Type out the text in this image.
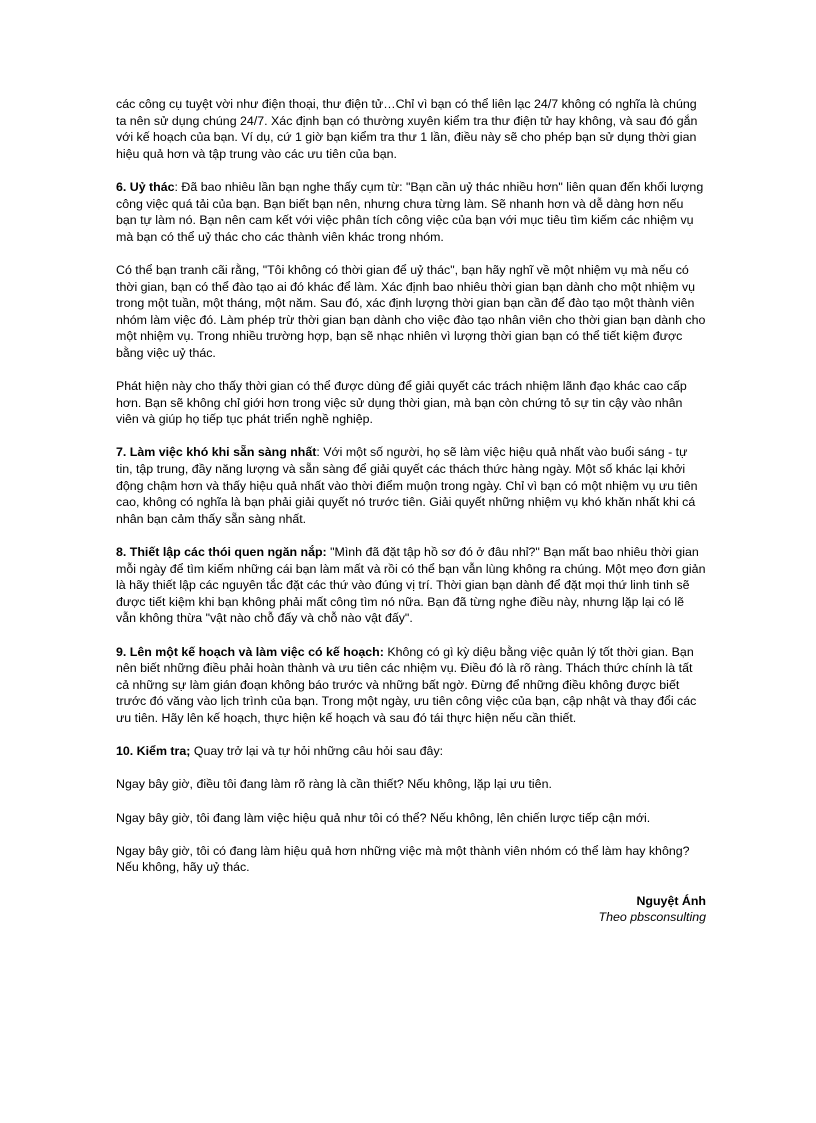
các công cụ tuyệt vời như điện thoại, thư điện tử…Chỉ vì bạn có thể liên lạc 24/7 không có nghĩa là chúng ta nên sử dụng chúng 24/7. Xác định bạn có thường xuyên kiểm tra thư điện tử hay không, và sau đó gắn với kế hoạch của bạn. Ví dụ, cứ 1 giờ bạn kiểm tra thư 1 lần, điều này sẽ cho phép bạn sử dụng thời gian hiệu quả hơn và tập trung vào các ưu tiên của bạn.

6. Uỷ thác: Đã bao nhiêu lần bạn nghe thấy cụm từ: "Bạn cần uỷ thác nhiều hơn" liên quan đến khối lượng công việc quá tải của bạn. Bạn biết bạn nên, nhưng chưa từng làm. Sẽ nhanh hơn và dễ dàng hơn nếu bạn tự làm nó. Bạn nên cam kết với việc phân tích công việc của bạn với mục tiêu tìm kiếm các nhiệm vụ mà bạn có thể uỷ thác cho các thành viên khác trong nhóm.

Có thể bạn tranh cãi rằng, "Tôi không có thời gian để uỷ thác", bạn hãy nghĩ về một nhiệm vụ mà nếu có thời gian, bạn có thể đào tạo ai đó khác để làm. Xác định bao nhiêu thời gian bạn dành cho một nhiệm vụ trong một tuần, một tháng, một năm. Sau đó, xác định lượng thời gian bạn cần để đào tạo một thành viên nhóm làm việc đó. Làm phép trừ thời gian bạn dành cho việc đào tạo nhân viên cho thời gian bạn dành cho một nhiệm vụ. Trong nhiều trường hợp, bạn sẽ nhạc nhiên vì lượng thời gian bạn có thể tiết kiệm được bằng việc uỷ thác.

Phát hiện này cho thấy thời gian có thể được dùng để giải quyết các trách nhiệm lãnh đạo khác cao cấp hơn. Bạn sẽ không chỉ giới hơn trong việc sử dụng thời gian, mà bạn còn chứng tỏ sự tin cậy vào nhân viên và giúp họ tiếp tục phát triển nghề nghiệp.

7. Làm việc khó khi sẵn sàng nhất: Với một số người, họ sẽ làm việc hiệu quả nhất vào buổi sáng - tự tin, tập trung, đầy năng lượng và sẵn sàng để giải quyết các thách thức hàng ngày. Một số khác lại khởi động chậm hơn và thấy hiệu quả nhất vào thời điểm muộn trong ngày. Chỉ vì bạn có một nhiệm vụ ưu tiên cao, không có nghĩa là bạn phải giải quyết nó trước tiên. Giải quyết những nhiệm vụ khó khăn nhất khi cá nhân bạn cảm thấy sẵn sàng nhất.

8. Thiết lập các thói quen ngăn nắp: "Mình đã đặt tập hồ sơ đó ở đâu nhỉ?" Bạn mất bao nhiêu thời gian mỗi ngày để tìm kiếm những cái bạn làm mất và rồi có thể bạn vẫn lùng không ra chúng. Một mẹo đơn giản là hãy thiết lập các nguyên tắc đặt các thứ vào đúng vị trí. Thời gian bạn dành để đặt mọi thứ linh tinh sẽ được tiết kiệm khi bạn không phải mất công tìm nó nữa. Bạn đã từng nghe điều này, nhưng lặp lại có lẽ vẫn không thừa "vật nào chỗ đấy và chỗ nào vật đấy".

9. Lên một kế hoạch và làm việc có kế hoạch: Không có gì kỳ diệu bằng việc quản lý tốt thời gian. Bạn nên biết những điều phải hoàn thành và ưu tiên các nhiệm vụ. Điều đó là rõ ràng. Thách thức chính là tất cả những sự làm gián đoạn không báo trước và những bất ngờ. Đừng để những điều không được biết trước đó văng vào lịch trình của bạn. Trong một ngày, ưu tiên công việc của bạn, cập nhật và thay đổi các ưu tiên. Hãy lên kế hoạch, thực hiện kế hoạch và sau đó tái thực hiện nếu cần thiết.

10. Kiểm tra; Quay trở lại và tự hỏi những câu hỏi sau đây:

Ngay bây giờ, điều tôi đang làm rõ ràng là cần thiết? Nếu không, lặp lại ưu tiên.

Ngay bây giờ, tôi đang làm việc hiệu quả như tôi có thể? Nếu không, lên chiến lược tiếp cận mới.

Ngay bây giờ, tôi có đang làm hiệu quả hơn những việc mà một thành viên nhóm có thể làm hay không? Nếu không, hãy uỷ thác.

Nguyệt Ánh
Theo pbsconsulting
